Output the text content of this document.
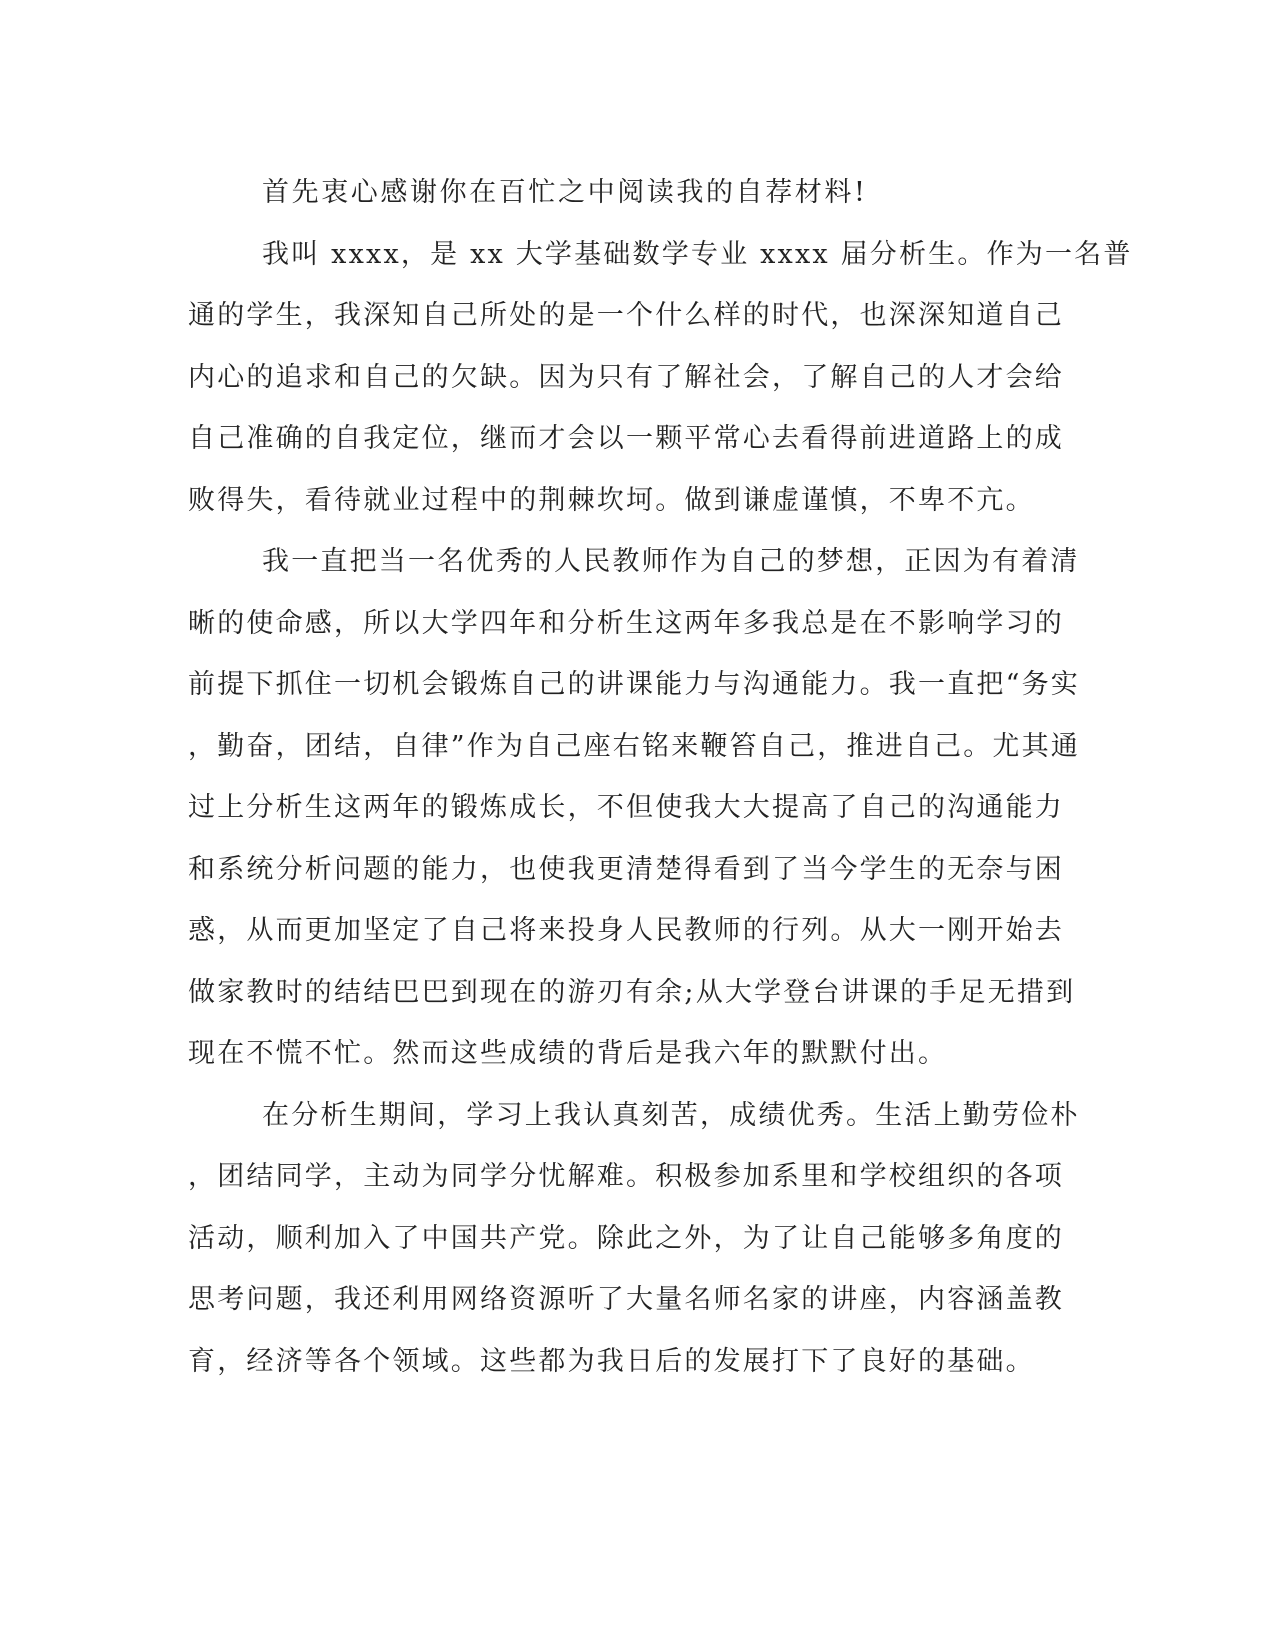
首先衷心感谢你在百忙之中阅读我的自荐材料!
我叫 xxxx，是 xx 大学基础数学专业 xxxx 届分析生。作为一名普
通的学生，我深知自己所处的是一个什么样的时代，也深深知道自己
内心的追求和自己的欠缺。因为只有了解社会，了解自己的人才会给
自己准确的自我定位，继而才会以一颗平常心去看得前进道路上的成
败得失，看待就业过程中的荆棘坎坷。做到谦虚谨慎，不卑不亢。
我一直把当一名优秀的人民教师作为自己的梦想，正因为有着清
晰的使命感，所以大学四年和分析生这两年多我总是在不影响学习的
前提下抓住一切机会锻炼自己的讲课能力与沟通能力。我一直把“务实
，勤奋，团结，自律”作为自己座右铭来鞭笞自己，推进自己。尤其通
过上分析生这两年的锻炼成长，不但使我大大提高了自己的沟通能力
和系统分析问题的能力，也使我更清楚得看到了当今学生的无奈与困
惑，从而更加坚定了自己将来投身人民教师的行列。从大一刚开始去
做家教时的结结巴巴到现在的游刃有余;从大学登台讲课的手足无措到
现在不慌不忙。然而这些成绩的背后是我六年的默默付出。
在分析生期间，学习上我认真刻苦，成绩优秀。生活上勤劳俭朴
，团结同学，主动为同学分忧解难。积极参加系里和学校组织的各项
活动，顺利加入了中国共产党。除此之外，为了让自己能够多角度的
思考问题，我还利用网络资源听了大量名师名家的讲座，内容涵盖教
育，经济等各个领域。这些都为我日后的发展打下了良好的基础。
